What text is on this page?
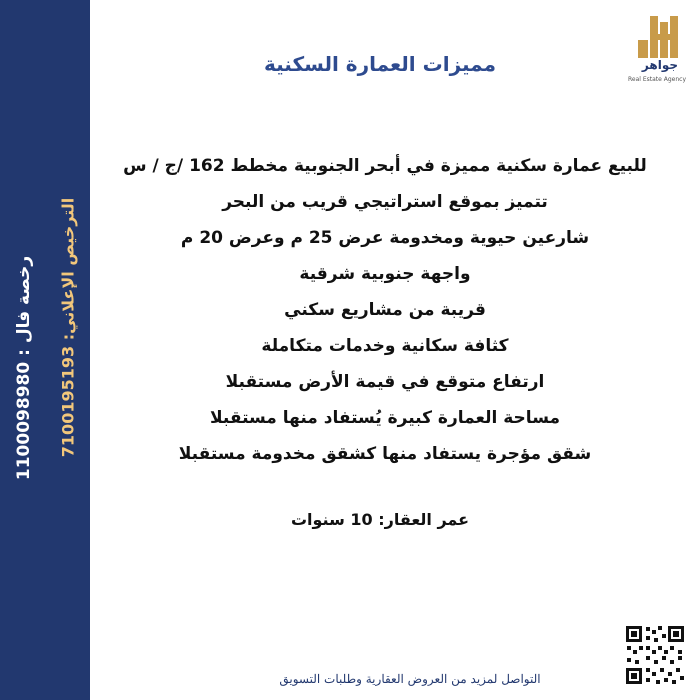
رخصة فال : 1100098980
الترخيص الإعلاني: 7100195193
جواهر
Real Estate Agency
مميزات العمارة السكنية
للبيع عمارة سكنية مميزة في أبحر الجنوبية مخطط 162 /ج / س
تتميز بموقع استراتيجي قريب من البحر
شارعين حيوية ومخدومة عرض 25 م وعرض 20 م
واجهة جنوبية شرقية
قريبة من مشاريع سكني
كثافة سكانية وخدمات متكاملة
ارتفاع متوقع في قيمة الأرض مستقبلا
مساحة العمارة كبيرة يُستفاد منها مستقبلا
شقق مؤجرة يستفاد منها كشقق مخدومة مستقبلا
عمر العقار: 10 سنوات
التواصل لمزيد من العروض العقارية وطلبات التسويق
